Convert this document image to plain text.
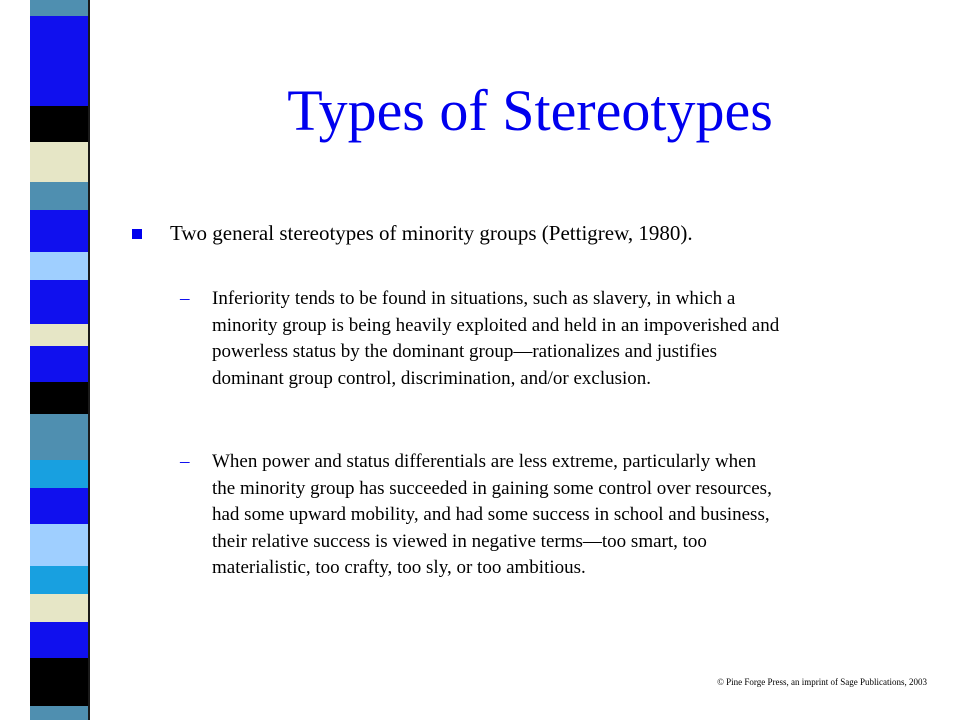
Types of Stereotypes
Two general stereotypes of minority groups (Pettigrew, 1980).
– Inferiority tends to be found in situations, such as slavery, in which a
minority group is being heavily exploited and held in an impoverished and
powerless status by the dominant group—rationalizes and justifies
dominant group control, discrimination, and/or exclusion.
– When power and status differentials are less extreme, particularly when
the minority group has succeeded in gaining some control over resources,
had some upward mobility, and had some success in school and business,
their relative success is viewed in negative terms—too smart, too
materialistic, too crafty, too sly, or too ambitious.
© Pine Forge Press, an imprint of Sage Publications, 2003
